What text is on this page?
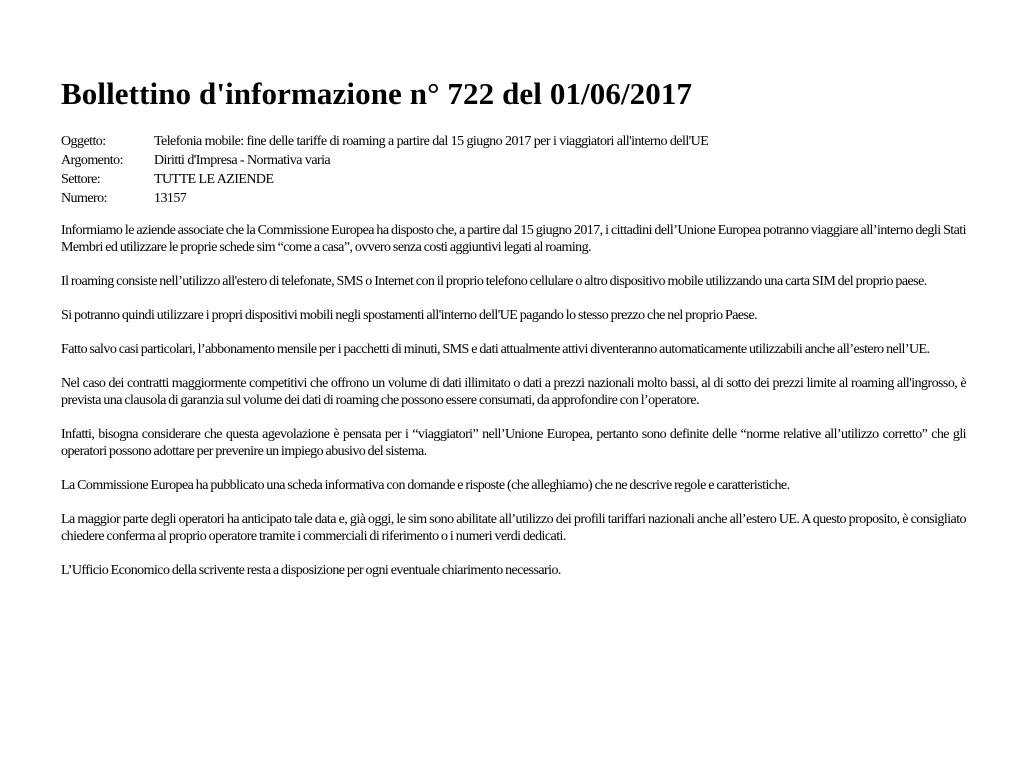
Bollettino d'informazione n° 722 del 01/06/2017
Oggetto:	Telefonia mobile: fine delle tariffe di roaming a partire dal 15 giugno 2017 per i viaggiatori all'interno dell'UE
Argomento:	Diritti d'Impresa - Normativa varia
Settore:	TUTTE LE AZIENDE
Numero:	13157

Informiamo le aziende associate che la Commissione Europea ha disposto che, a partire dal 15 giugno 2017, i cittadini dell’Unione Europea potranno viaggiare all’interno degli Stati Membri ed utilizzare le proprie schede sim “come a casa”, ovvero senza costi aggiuntivi legati al roaming.

Il roaming consiste nell’utilizzo all'estero di telefonate, SMS o Internet con il proprio telefono cellulare o altro dispositivo mobile utilizzando una carta SIM del proprio paese.

Si potranno quindi utilizzare i propri dispositivi mobili negli spostamenti all'interno dell'UE pagando lo stesso prezzo che nel proprio Paese.

Fatto salvo casi particolari, l’abbonamento mensile per i pacchetti di minuti, SMS e dati attualmente attivi diventeranno automaticamente utilizzabili anche all’estero nell’UE.

Nel caso dei contratti maggiormente competitivi che offrono un volume di dati illimitato o dati a prezzi nazionali molto bassi, al di sotto dei prezzi limite al roaming all'ingrosso, è prevista una clausola di garanzia sul volume dei dati di roaming che possono essere consumati, da approfondire con l’operatore.

Infatti, bisogna considerare che questa agevolazione è pensata per i “viaggiatori” nell’Unione Europea, pertanto sono definite delle “norme relative all’utilizzo corretto” che gli operatori possono adottare per prevenire un impiego abusivo del sistema.

La Commissione Europea ha pubblicato una scheda informativa con domande e risposte (che alleghiamo) che ne descrive regole e caratteristiche.

La maggior parte degli operatori ha anticipato tale data e, già oggi, le sim sono abilitate all’utilizzo dei profili tariffari nazionali anche all’estero UE. A questo proposito, è consigliato chiedere conferma al proprio operatore tramite i commerciali di riferimento o i numeri verdi dedicati.

L’Ufficio Economico della scrivente resta a disposizione per ogni eventuale chiarimento necessario.
